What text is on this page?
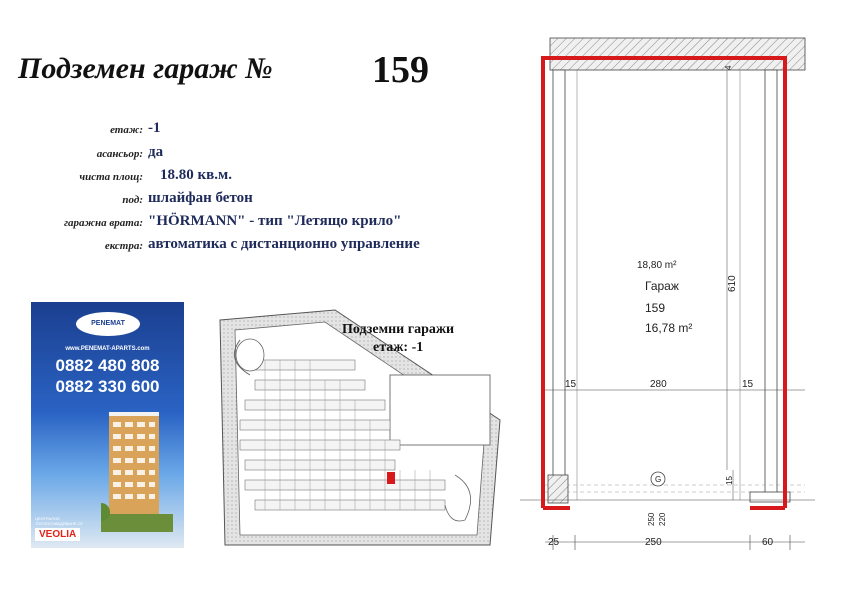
Подземен гараж №	159
етаж: -1
асансьор: да
чиста площ: 18.80 кв.м.
под: шлайфан бетон
гаражна врата: "HÖRMANN" - тип "Летящо крило"
екстра: автоматика с дистанционно управление
PENEMAT
www.PENEMAT-APARTS.com
0882 480 808
0882 330 600
ЦЕНТРАЛНО ТОПЛОСНАБДЯВАНЕ ОТ
VEOLIA
Подземни гаражи
етаж: -1
18,80 m²
Гараж
159
16,78 m²
610
15	280	15
15
4
G
250 220
25	250	60
